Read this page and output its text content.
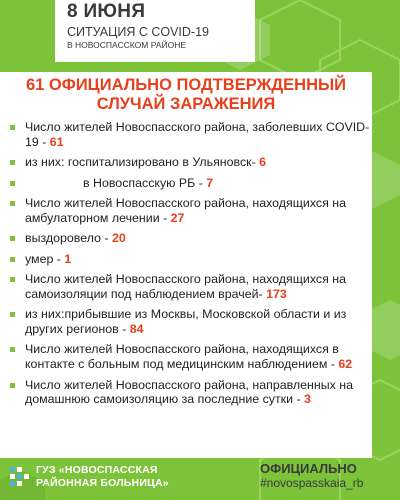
8 ИЮНЯ
СИТУАЦИЯ С COVID-19
В НОВОСПАССКОМ РАЙОНЕ
61 ОФИЦИАЛЬНО ПОДТВЕРЖДЕННЫЙ
СЛУЧАЙ ЗАРАЖЕНИЯ
Число жителей Новоспасского района, заболевших COVID-19 - 61
из них: госпитализировано в Ульяновск- 6
в Новоспасскую РБ - 7
Число жителей Новоспасского района, находящихся на амбулаторном лечении - 27
выздоровело - 20
умер - 1
Число жителей Новоспасского района, находящихся на самоизоляции под наблюдением врачей- 173
из них:прибывшие из Москвы, Московской области и из других регионов - 84
Число жителей Новоспасского района, находящихся в контакте с больным под медицинским наблюдением - 62
Число жителей Новоспасского района, направленных на домашнюю самоизоляцию за последние сутки - 3
ГУЗ «НОВОСПАССКАЯ
РАЙОННАЯ БОЛЬНИЦА»
ОФИЦИАЛЬНО
#novospasskaia_rb
